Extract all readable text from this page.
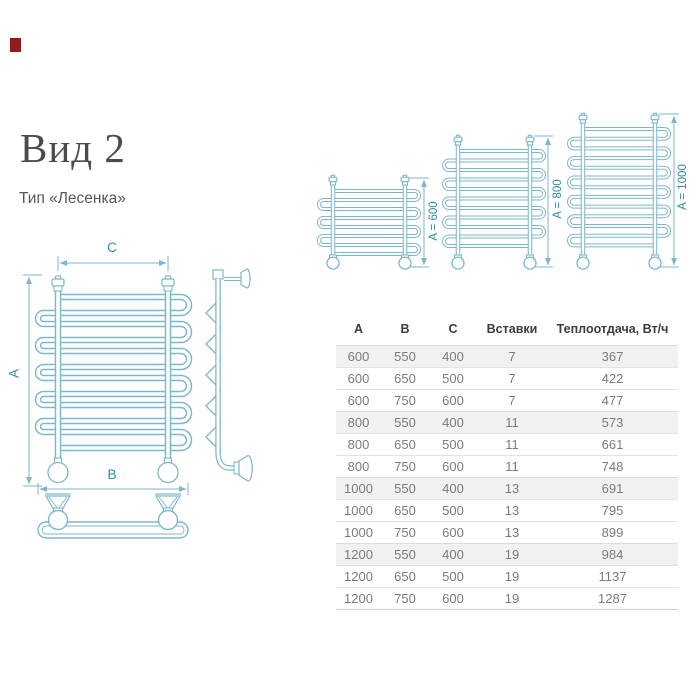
Вид 2
Тип «Лесенка»
C
A
B
A = 600
A = 800	A = 1000
A	B	C	Вставки	Теплоотдача, Вт/ч
600	550	400	7	367
600	650	500	7	422
600	750	600	7	477
800	550	400	11	573
800	650	500	11	661
800	750	600	11	748
1000	550	400	13	691
1000	650	500	13	795
1000	750	600	13	899
1200	550	400	19	984
1200	650	500	19	1137
1200	750	600	19	1287
